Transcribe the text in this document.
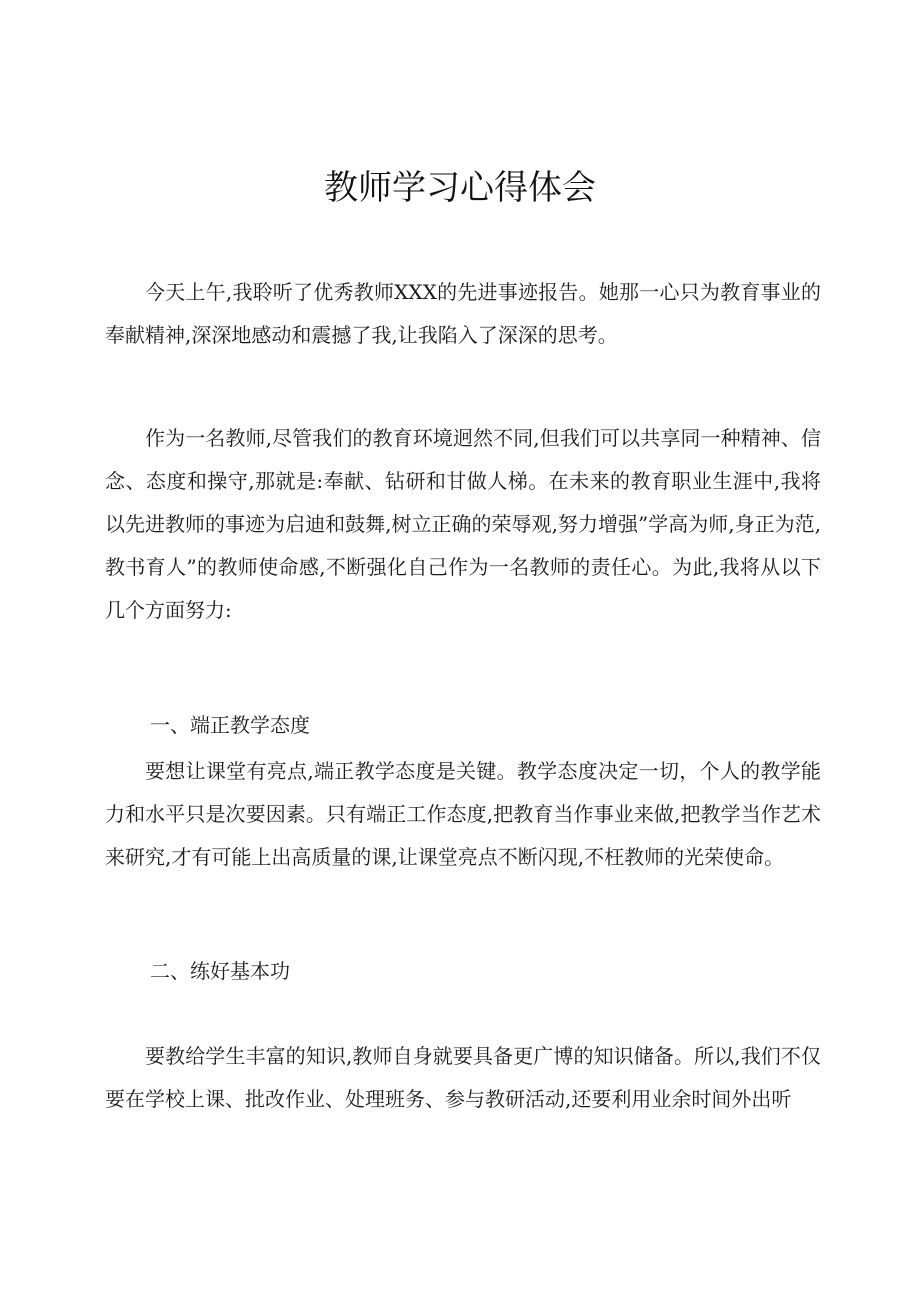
教师学习心得体会

今天上午,我聆听了优秀教师XXX的先进事迹报告。她那一心只为教育事业的奉献精神,深深地感动和震撼了我,让我陷入了深深的思考。

作为一名教师,尽管我们的教育环境迥然不同,但我们可以共享同一种精神、信念、态度和操守,那就是:奉献、钻研和甘做人梯。在未来的教育职业生涯中,我将以先进教师的事迹为启迪和鼓舞,树立正确的荣辱观,努力增强”学高为师,身正为范,教书育人”的教师使命感,不断强化自己作为一名教师的责任心。为此,我将从以下几个方面努力:

一、端正教学态度

要想让课堂有亮点,端正教学态度是关键。教学态度决定一切，个人的教学能力和水平只是次要因素。只有端正工作态度,把教育当作事业来做,把教学当作艺术来研究,才有可能上出高质量的课,让课堂亮点不断闪现,不枉教师的光荣使命。

二、练好基本功

要教给学生丰富的知识,教师自身就要具备更广博的知识储备。所以,我们不仅要在学校上课、批改作业、处理班务、参与教研活动,还要利用业余时间外出听
